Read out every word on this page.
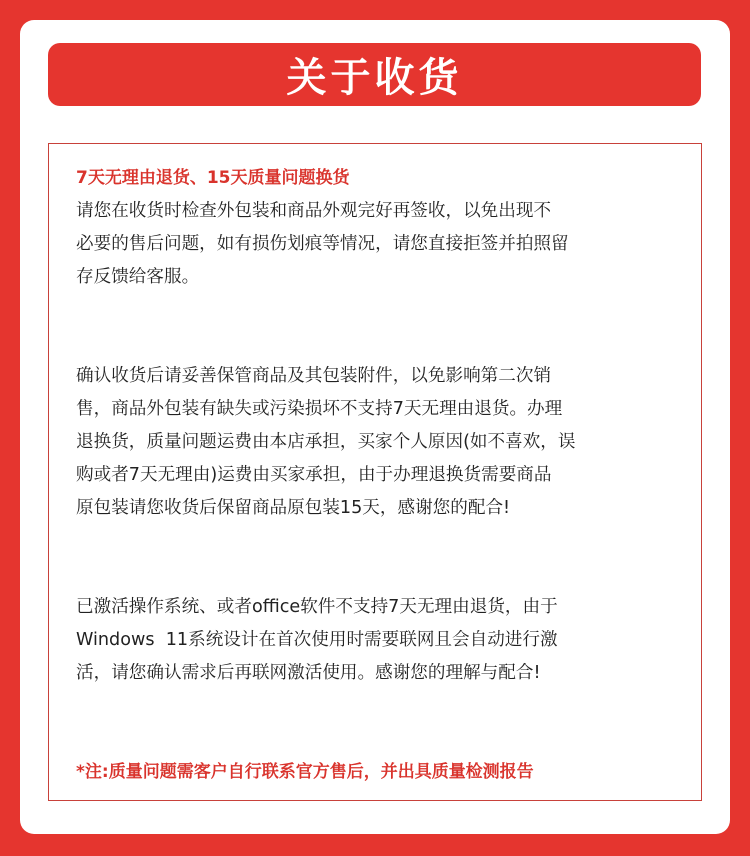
关于收货
7天无理由退货、15天质量问题换货
请您在收货时检查外包装和商品外观完好再签收，以免出现不
必要的售后问题，如有损伤划痕等情况，请您直接拒签并拍照留
存反馈给客服。
确认收货后请妥善保管商品及其包装附件，以免影响第二次销
售，商品外包装有缺失或污染损坏不支持7天无理由退货。办理
退换货，质量问题运费由本店承担，买家个人原因(如不喜欢，误
购或者7天无理由)运费由买家承担，由于办理退换货需要商品
原包装请您收货后保留商品原包装15天，感谢您的配合!
已激活操作系统、或者office软件不支持7天无理由退货，由于
Windows  11系统设计在首次使用时需要联网且会自动进行激
活，请您确认需求后再联网激活使用。感谢您的理解与配合!
*注:质量问题需客户自行联系官方售后，并出具质量检测报告
